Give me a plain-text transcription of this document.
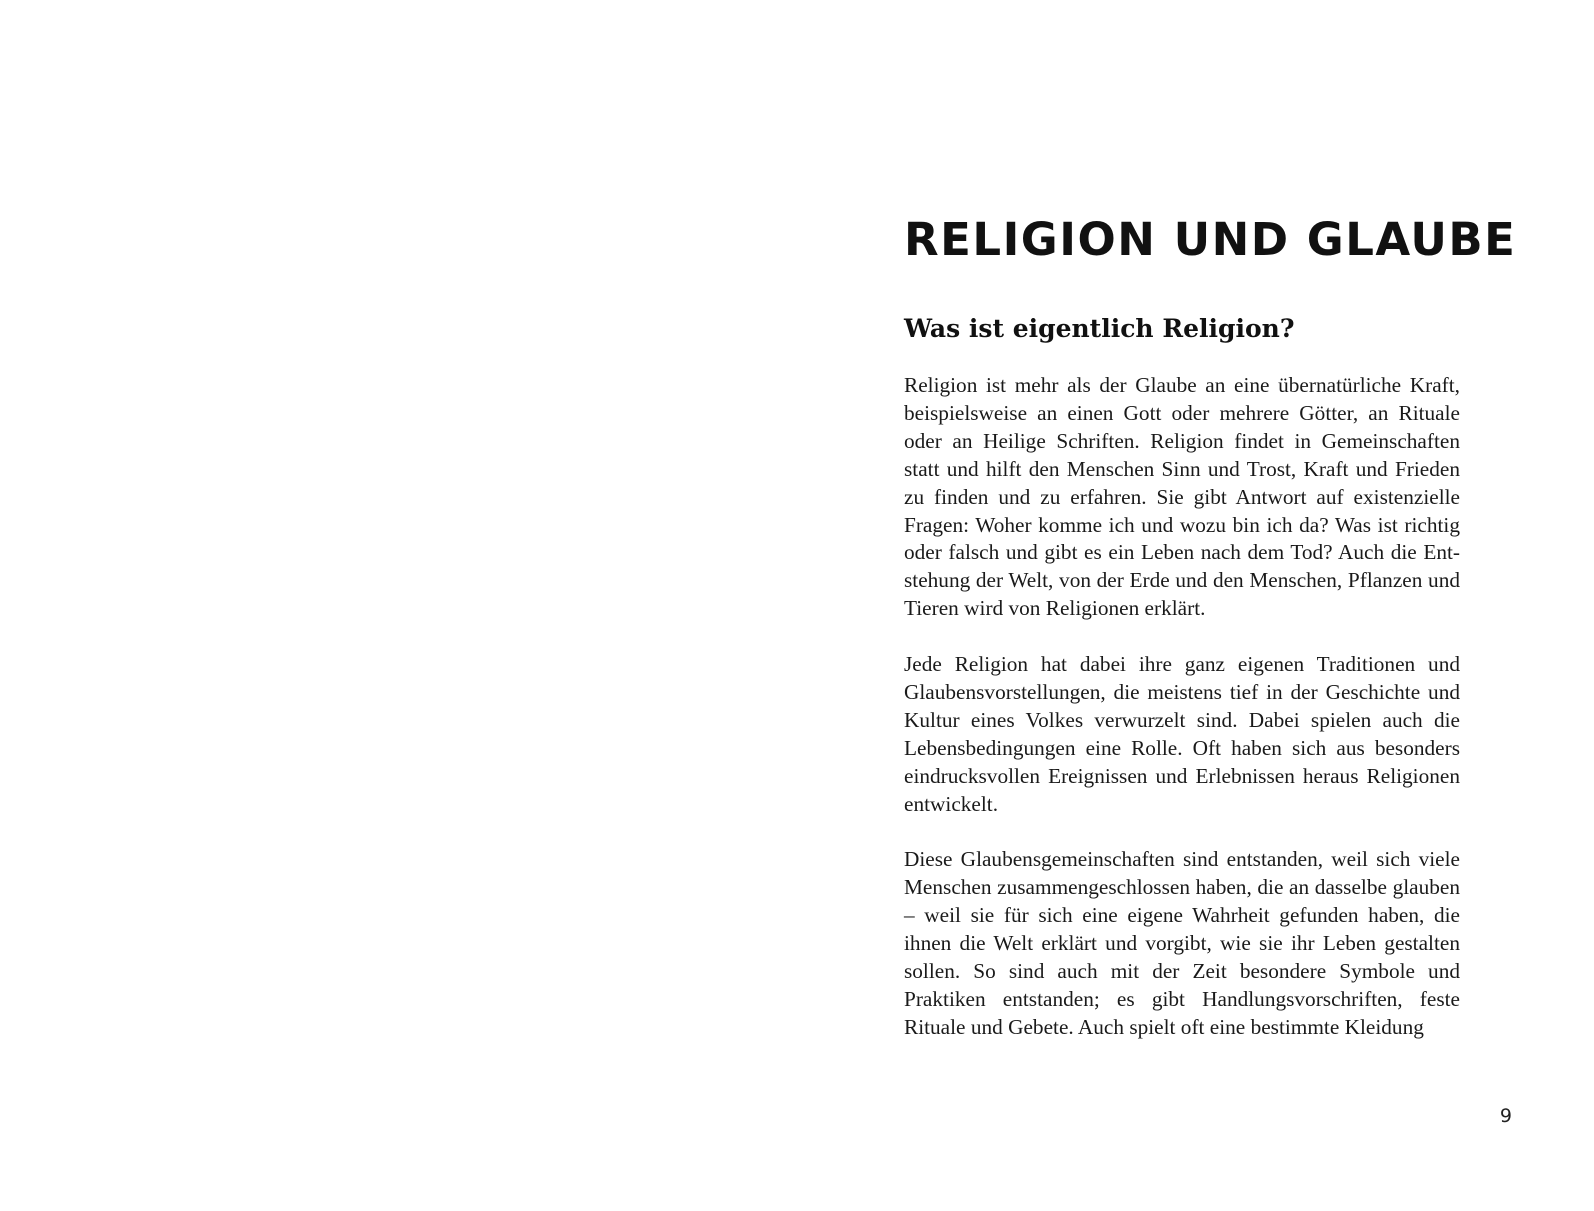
RELIGION UND GLAUBE
Was ist eigentlich Religion?

Religion ist mehr als der Glaube an eine übernatürliche Kraft, beispielsweise an einen Gott oder mehrere Götter, an Rituale oder an Heilige Schriften. Religion findet in Gemeinschaften statt und hilft den Menschen Sinn und Trost, Kraft und Frieden zu finden und zu erfahren. Sie gibt Antwort auf existenzielle Fragen: Woher komme ich und wozu bin ich da? Was ist richtig oder falsch und gibt es ein Leben nach dem Tod? Auch die Entstehung der Welt, von der Erde und den Menschen, Pflanzen und Tieren wird von Religionen erklärt.

Jede Religion hat dabei ihre ganz eigenen Traditionen und Glaubensvorstellungen, die meistens tief in der Geschichte und Kultur eines Volkes verwurzelt sind. Dabei spielen auch die Lebensbedingungen eine Rolle. Oft haben sich aus besonders eindrucksvollen Ereignissen und Erlebnissen heraus Religionen entwickelt.

Diese Glaubensgemeinschaften sind entstanden, weil sich viele Menschen zusammengeschlossen haben, die an dasselbe glauben – weil sie für sich eine eigene Wahrheit gefunden haben, die ihnen die Welt erklärt und vorgibt, wie sie ihr Leben gestalten sollen. So sind auch mit der Zeit besondere Symbole und Praktiken entstanden; es gibt Handlungsvorschriften, feste Rituale und Gebete. Auch spielt oft eine bestimmte Kleidung

9
